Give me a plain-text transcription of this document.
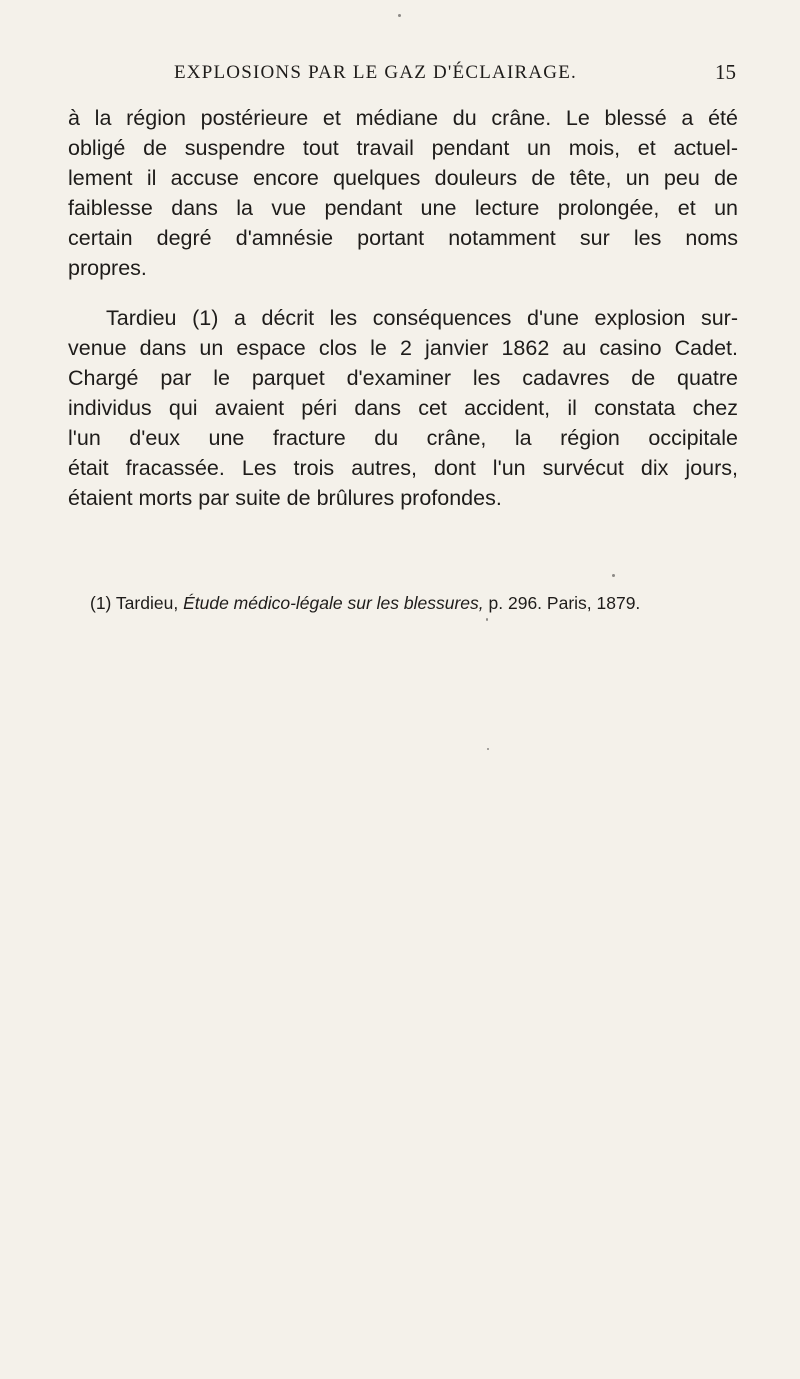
EXPLOSIONS PAR LE GAZ D'ÉCLAIRAGE.	15
à la région postérieure et médiane du crâne. Le blessé a été
obligé de suspendre tout travail pendant un mois, et actuel-
lement il accuse encore quelques douleurs de tête, un peu de
faiblesse dans la vue pendant une lecture prolongée, et un
certain degré d'amnésie portant notamment sur les noms
propres.
Tardieu (1) a décrit les conséquences d'une explosion sur-
venue dans un espace clos le 2 janvier 1862 au casino Cadet.
Chargé par le parquet d'examiner les cadavres de quatre
individus qui avaient péri dans cet accident, il constata chez
l'un d'eux une fracture du crâne, la région occipitale
était fracassée. Les trois autres, dont l'un survécut dix jours,
étaient morts par suite de brûlures profondes.
(1) Tardieu, Étude médico-légale sur les blessures, p. 296. Paris, 1879.
